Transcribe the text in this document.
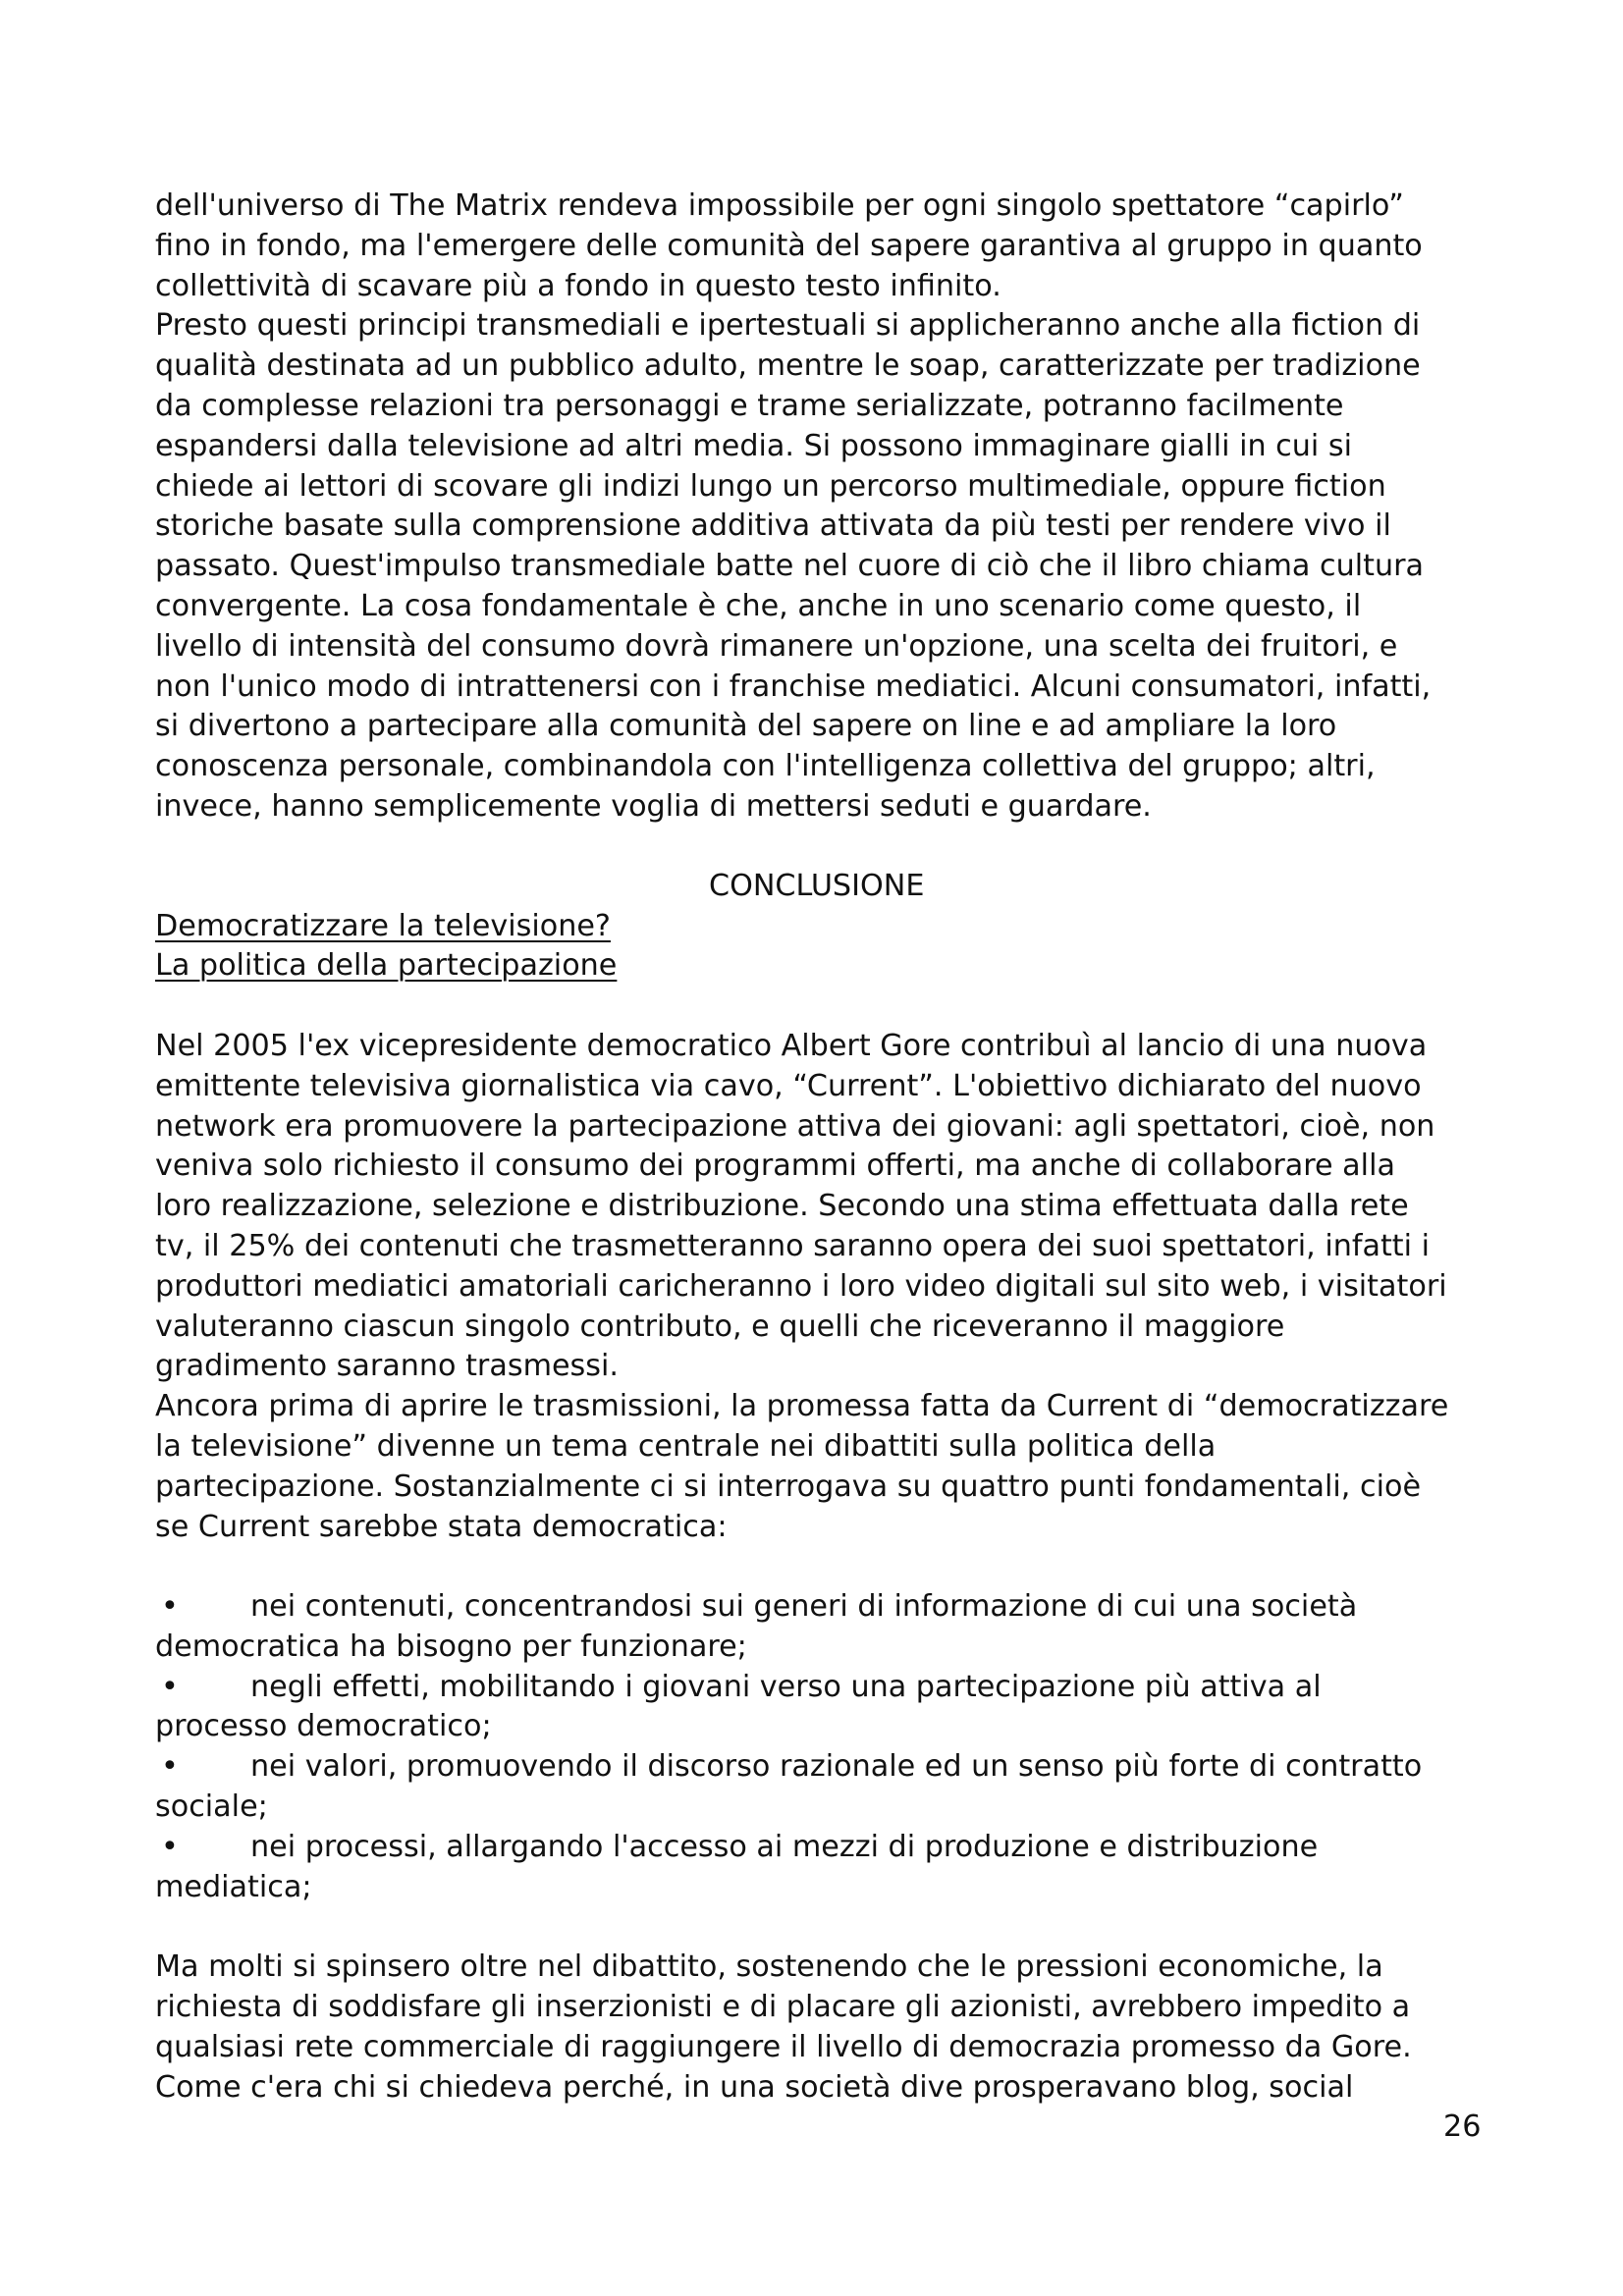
dell'universo di The Matrix rendeva impossibile per ogni singolo spettatore “capirlo”
fino in fondo, ma l'emergere delle comunità del sapere garantiva al gruppo in quanto
collettività di scavare più a fondo in questo testo infinito.
Presto questi principi transmediali e ipertestuali si applicheranno anche alla fiction di
qualità destinata ad un pubblico adulto, mentre le soap, caratterizzate per tradizione
da complesse relazioni tra personaggi e trame serializzate, potranno facilmente
espandersi dalla televisione ad altri media. Si possono immaginare gialli in cui si
chiede ai lettori di scovare gli indizi lungo un percorso multimediale, oppure fiction
storiche basate sulla comprensione additiva attivata da più testi per rendere vivo il
passato. Quest'impulso transmediale batte nel cuore di ciò che il libro chiama cultura
convergente. La cosa fondamentale è che, anche in uno scenario come questo, il
livello di intensità del consumo dovrà rimanere un'opzione, una scelta dei fruitori, e
non l'unico modo di intrattenersi con i franchise mediatici. Alcuni consumatori, infatti,
si divertono a partecipare alla comunità del sapere on line e ad ampliare la loro
conoscenza personale, combinandola con l'intelligenza collettiva del gruppo; altri,
invece, hanno semplicemente voglia di mettersi seduti e guardare.
CONCLUSIONE
Democratizzare la televisione?
La politica della partecipazione
Nel 2005 l'ex vicepresidente democratico Albert Gore contribuì al lancio di una nuova
emittente televisiva giornalistica via cavo, “Current”. L'obiettivo dichiarato del nuovo
network era promuovere la partecipazione attiva dei giovani: agli spettatori, cioè, non
veniva solo richiesto il consumo dei programmi offerti, ma anche di collaborare alla
loro realizzazione, selezione e distribuzione. Secondo una stima effettuata dalla rete
tv, il 25% dei contenuti che trasmetteranno saranno opera dei suoi spettatori, infatti i
produttori mediatici amatoriali caricheranno i loro video digitali sul sito web, i visitatori
valuteranno ciascun singolo contributo, e quelli che riceveranno il maggiore
gradimento saranno trasmessi.
Ancora prima di aprire le trasmissioni, la promessa fatta da Current di “democratizzare
la televisione” divenne un tema centrale nei dibattiti sulla politica della
partecipazione. Sostanzialmente ci si interrogava su quattro punti fondamentali, cioè
se Current sarebbe stata democratica:
• nei contenuti, concentrandosi sui generi di informazione di cui una società
democratica ha bisogno per funzionare;
• negli effetti, mobilitando i giovani verso una partecipazione più attiva al
processo democratico;
• nei valori, promuovendo il discorso razionale ed un senso più forte di contratto
sociale;
• nei processi, allargando l'accesso ai mezzi di produzione e distribuzione
mediatica;
Ma molti si spinsero oltre nel dibattito, sostenendo che le pressioni economiche, la
richiesta di soddisfare gli inserzionisti e di placare gli azionisti, avrebbero impedito a
qualsiasi rete commerciale di raggiungere il livello di democrazia promesso da Gore.
Come c'era chi si chiedeva perché, in una società dive prosperavano blog, social
26
